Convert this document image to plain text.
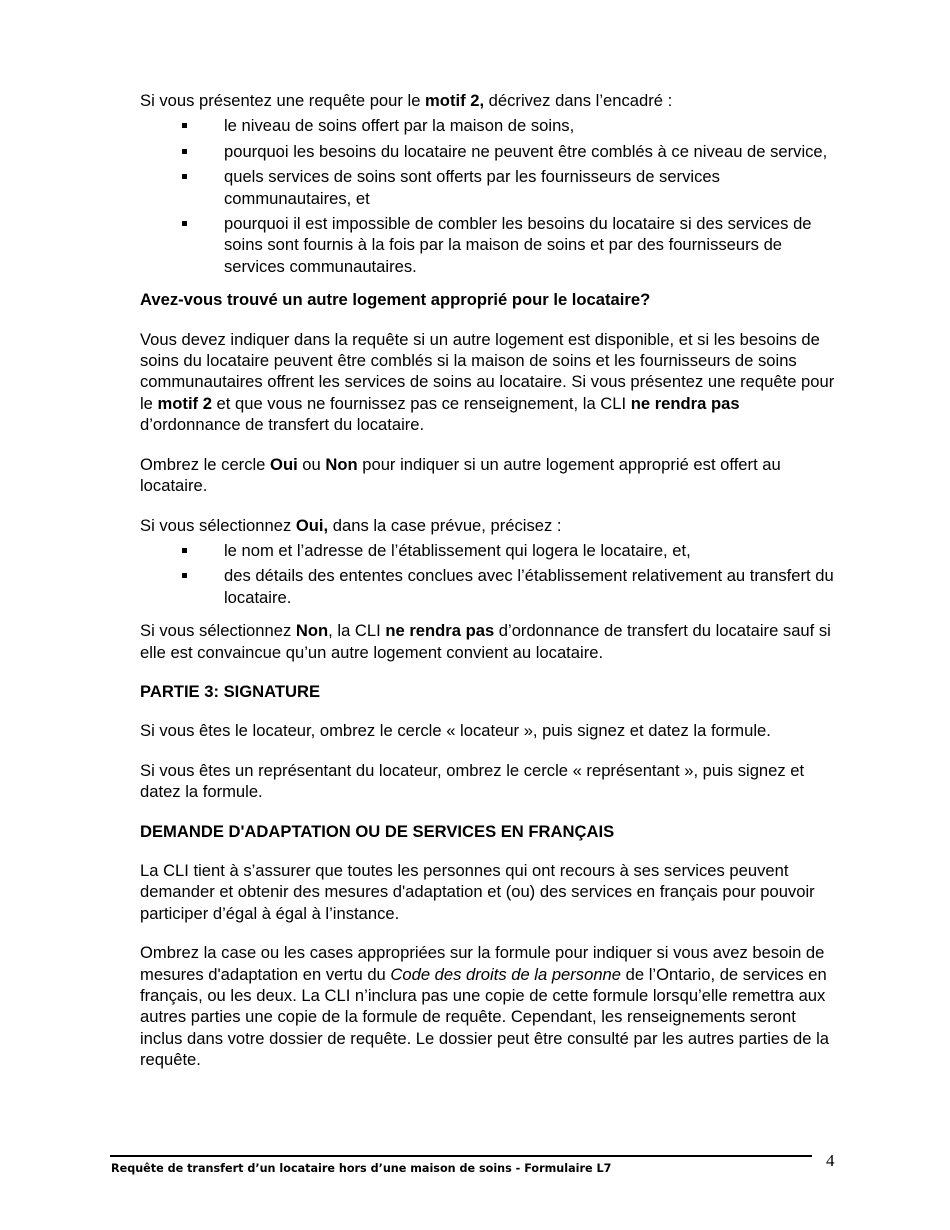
Si vous présentez une requête pour le motif 2, décrivez dans l’encadré :

le niveau de soins offert par la maison de soins,
pourquoi les besoins du locataire ne peuvent être comblés à ce niveau de service,
quels services de soins sont offerts par les fournisseurs de services communautaires, et
pourquoi il est impossible de combler les besoins du locataire si des services de soins sont fournis à la fois par la maison de soins et par des fournisseurs de services communautaires.

Avez-vous trouvé un autre logement approprié pour le locataire?

Vous devez indiquer dans la requête si un autre logement est disponible, et si les besoins de soins du locataire peuvent être comblés si la maison de soins et les fournisseurs de soins communautaires offrent les services de soins au locataire. Si vous présentez une requête pour le motif 2 et que vous ne fournissez pas ce renseignement, la CLI ne rendra pas d’ordonnance de transfert du locataire.

Ombrez le cercle Oui ou Non pour indiquer si un autre logement approprié est offert au locataire.

Si vous sélectionnez Oui, dans la case prévue, précisez :

le nom et l’adresse de l’établissement qui logera le locataire, et,
des détails des ententes conclues avec l’établissement relativement au transfert du locataire.

Si vous sélectionnez Non, la CLI ne rendra pas d’ordonnance de transfert du locataire sauf si elle est convaincue qu’un autre logement convient au locataire.

PARTIE 3: SIGNATURE

Si vous êtes le locateur, ombrez le cercle « locateur », puis signez et datez la formule.

Si vous êtes un représentant du locateur, ombrez le cercle « représentant », puis signez et datez la formule.

DEMANDE D'ADAPTATION OU DE SERVICES EN FRANÇAIS

La CLI tient à s’assurer que toutes les personnes qui ont recours à ses services peuvent demander et obtenir des mesures d'adaptation et (ou) des services en français pour pouvoir participer d’égal à égal à l’instance.

Ombrez la case ou les cases appropriées sur la formule pour indiquer si vous avez besoin de mesures d'adaptation en vertu du Code des droits de la personne de l’Ontario, de services en français, ou les deux. La CLI n’inclura pas une copie de cette formule lorsqu’elle remettra aux autres parties une copie de la formule de requête. Cependant, les renseignements seront inclus dans votre dossier de requête. Le dossier peut être consulté par les autres parties de la requête.

Requête de transfert d’un locataire hors d’une maison de soins - Formulaire L7	4
